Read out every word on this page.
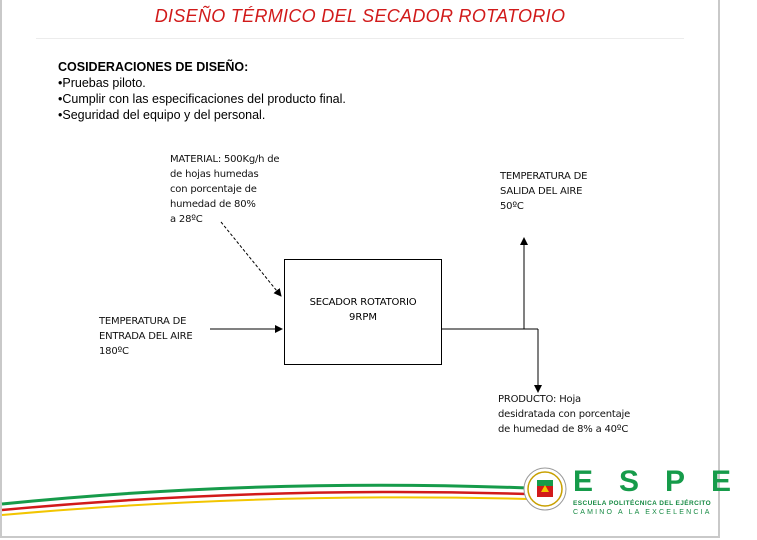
DISEÑO TÉRMICO DEL SECADOR ROTATORIO
COSIDERACIONES DE DISEÑO:
•Pruebas piloto.
•Cumplir con las especificaciones del producto final.
•Seguridad del equipo y del personal.
MATERIAL: 500Kg/h de
de hojas humedas
con porcentaje de
humedad de 80%
a 28ºC
TEMPERATURA DE
ENTRADA DEL AIRE
180ºC
TEMPERATURA DE
SALIDA DEL AIRE
50ºC
PRODUCTO: Hoja
desidratada con porcentaje
de humedad de 8% a 40ºC
SECADOR ROTATORIO
9RPM
ESPE
ESCUELA POLITÉCNICA DEL EJÉRCITO
CAMINO A LA EXCELENCIA
